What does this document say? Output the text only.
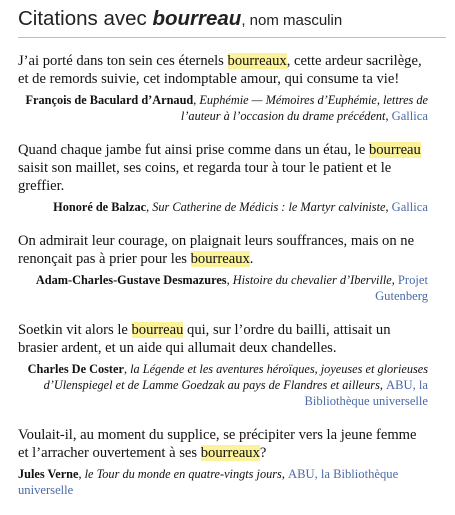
Citations avec bourreau, nom masculin

J’ai porté dans ton sein ces éternels bourreaux, cette ardeur sacrilège, et de remords suivie, cet indomptable amour, qui consume ta vie!

François de Baculard d’Arnaud, Euphémie — Mémoires d’Euphémie, lettres de l’auteur à l’occasion du drame précédent, Gallica

Quand chaque jambe fut ainsi prise comme dans un étau, le bourreau saisit son maillet, ses coins, et regarda tour à tour le patient et le greffier.

Honoré de Balzac, Sur Catherine de Médicis : le Martyr calviniste, Gallica

On admirait leur courage, on plaignait leurs souffrances, mais on ne renonçait pas à prier pour les bourreaux.

Adam-Charles-Gustave Desmazures, Histoire du chevalier d’Iberville, Projet Gutenberg

Soetkin vit alors le bourreau qui, sur l’ordre du bailli, attisait un brasier ardent, et un aide qui allumait deux chandelles.

Charles De Coster, la Légende et les aventures héroïques, joyeuses et glorieuses d’Ulenspiegel et de Lamme Goedzak au pays de Flandres et ailleurs, ABU, la Bibliothèque universelle

Voulait-il, au moment du supplice, se précipiter vers la jeune femme et l’arracher ouvertement à ses bourreaux?

Jules Verne, le Tour du monde en quatre-vingts jours, ABU, la Bibliothèque universelle
